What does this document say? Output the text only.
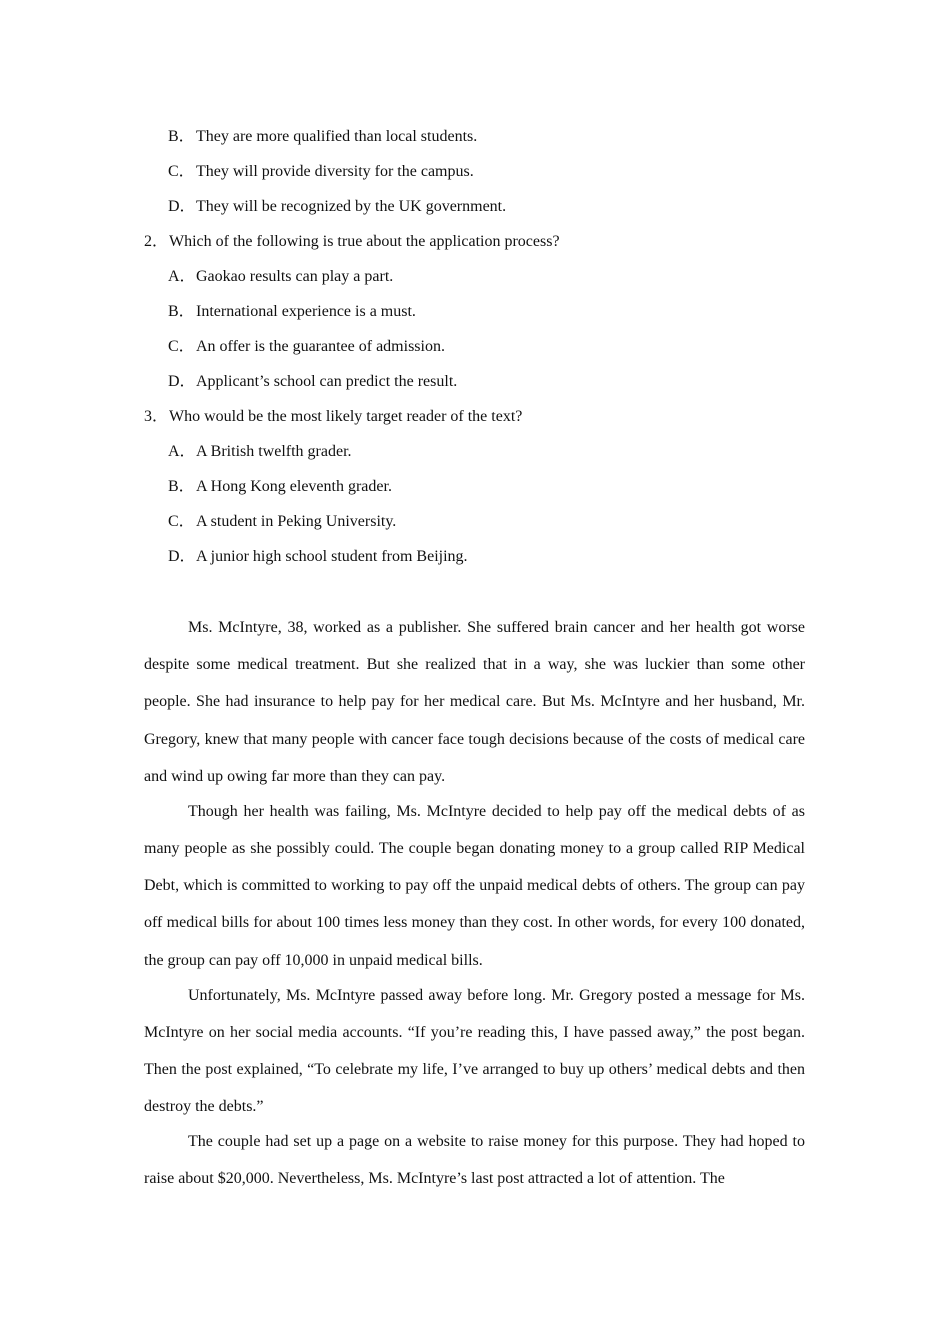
B．They are more qualified than local students.
C．They will provide diversity for the campus.
D．They will be recognized by the UK government.
2．Which of the following is true about the application process?
A．Gaokao results can play a part.
B．International experience is a must.
C．An offer is the guarantee of admission.
D．Applicant’s school can predict the result.
3．Who would be the most likely target reader of the text?
A．A British twelfth grader.
B．A Hong Kong eleventh grader.
C．A student in Peking University.
D．A junior high school student from Beijing.

Ms. McIntyre, 38, worked as a publisher. She suffered brain cancer and her health got worse despite some medical treatment. But she realized that in a way, she was luckier than some other people. She had insurance to help pay for her medical care. But Ms. McIntyre and her husband, Mr. Gregory, knew that many people with cancer face tough decisions because of the costs of medical care and wind up owing far more than they can pay.

Though her health was failing, Ms. McIntyre decided to help pay off the medical debts of as many people as she possibly could. The couple began donating money to a group called RIP Medical Debt, which is committed to working to pay off the unpaid medical debts of others. The group can pay off medical bills for about 100 times less money than they cost. In other words, for every 100 donated, the group can pay off 10,000 in unpaid medical bills.

Unfortunately, Ms. McIntyre passed away before long. Mr. Gregory posted a message for Ms. McIntyre on her social media accounts. “If you’re reading this, I have passed away,” the post began. Then the post explained, “To celebrate my life, I’ve arranged to buy up others’ medical debts and then destroy the debts.”

The couple had set up a page on a website to raise money for this purpose. They had hoped to raise about $20,000. Nevertheless, Ms. McIntyre’s last post attracted a lot of attention. The
